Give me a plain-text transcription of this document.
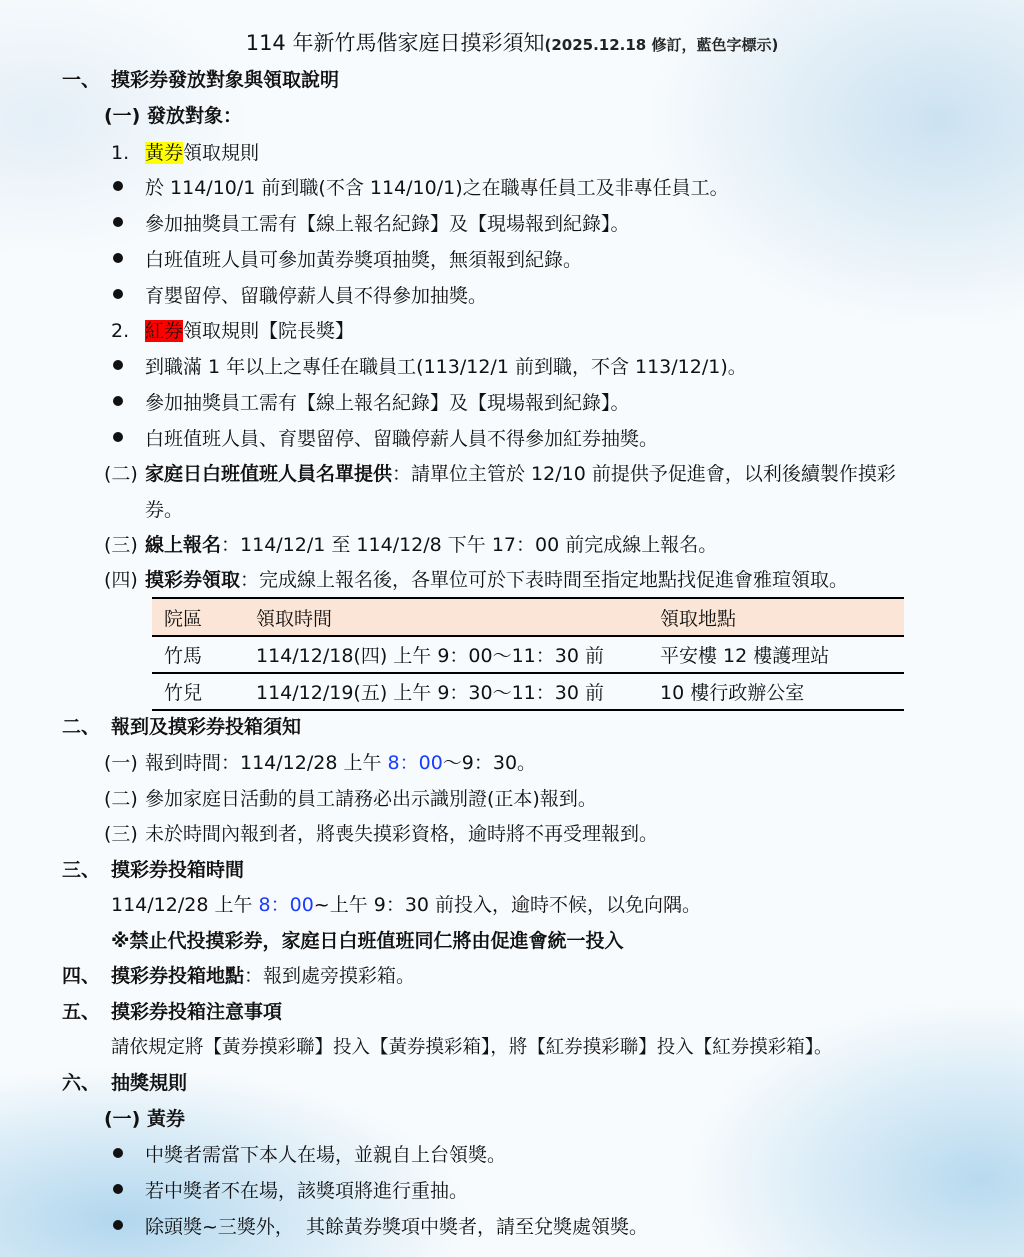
114 年新竹馬偕家庭日摸彩須知(2025.12.18 修訂，藍色字標示)
一、 摸彩券發放對象與領取說明
(一) 發放對象：
1. 黃券領取規則
於 114/10/1 前到職(不含 114/10/1)之在職專任員工及非專任員工。
參加抽獎員工需有【線上報名紀錄】及【現場報到紀錄】。
白班值班人員可參加黃券獎項抽獎，無須報到紀錄。
育嬰留停、留職停薪人員不得參加抽獎。
2. 紅券領取規則【院長獎】
到職滿 1 年以上之專任在職員工(113/12/1 前到職，不含 113/12/1)。
參加抽獎員工需有【線上報名紀錄】及【現場報到紀錄】。
白班值班人員、育嬰留停、留職停薪人員不得參加紅券抽獎。
(二) 家庭日白班值班人員名單提供：請單位主管於 12/10 前提供予促進會，以利後續製作摸彩
券。
(三) 線上報名：114/12/1 至 114/12/8 下午 17：00 前完成線上報名。
(四) 摸彩券領取：完成線上報名後，各單位可於下表時間至指定地點找促進會雅瑄領取。
院區	領取時間	領取地點
竹馬	114/12/18(四) 上午 9：00～11：30 前	平安樓 12 樓護理站
竹兒	114/12/19(五) 上午 9：30～11：30 前	10 樓行政辦公室
二、 報到及摸彩券投箱須知
(一) 報到時間：114/12/28 上午 8：00～9：30。
(二) 參加家庭日活動的員工請務必出示識別證(正本)報到。
(三) 未於時間內報到者，將喪失摸彩資格，逾時將不再受理報到。
三、 摸彩券投箱時間
114/12/28 上午 8：00~上午 9：30 前投入，逾時不候，以免向隅。
※禁止代投摸彩券，家庭日白班值班同仁將由促進會統一投入
四、 摸彩券投箱地點：報到處旁摸彩箱。
五、 摸彩券投箱注意事項
請依規定將【黃券摸彩聯】投入【黃券摸彩箱】，將【紅券摸彩聯】投入【紅券摸彩箱】。
六、 抽獎規則
(一) 黃券
中獎者需當下本人在場，並親自上台領獎。
若中獎者不在場，該獎項將進行重抽。
除頭獎~三獎外，  其餘黃券獎項中獎者，請至兌獎處領獎。
